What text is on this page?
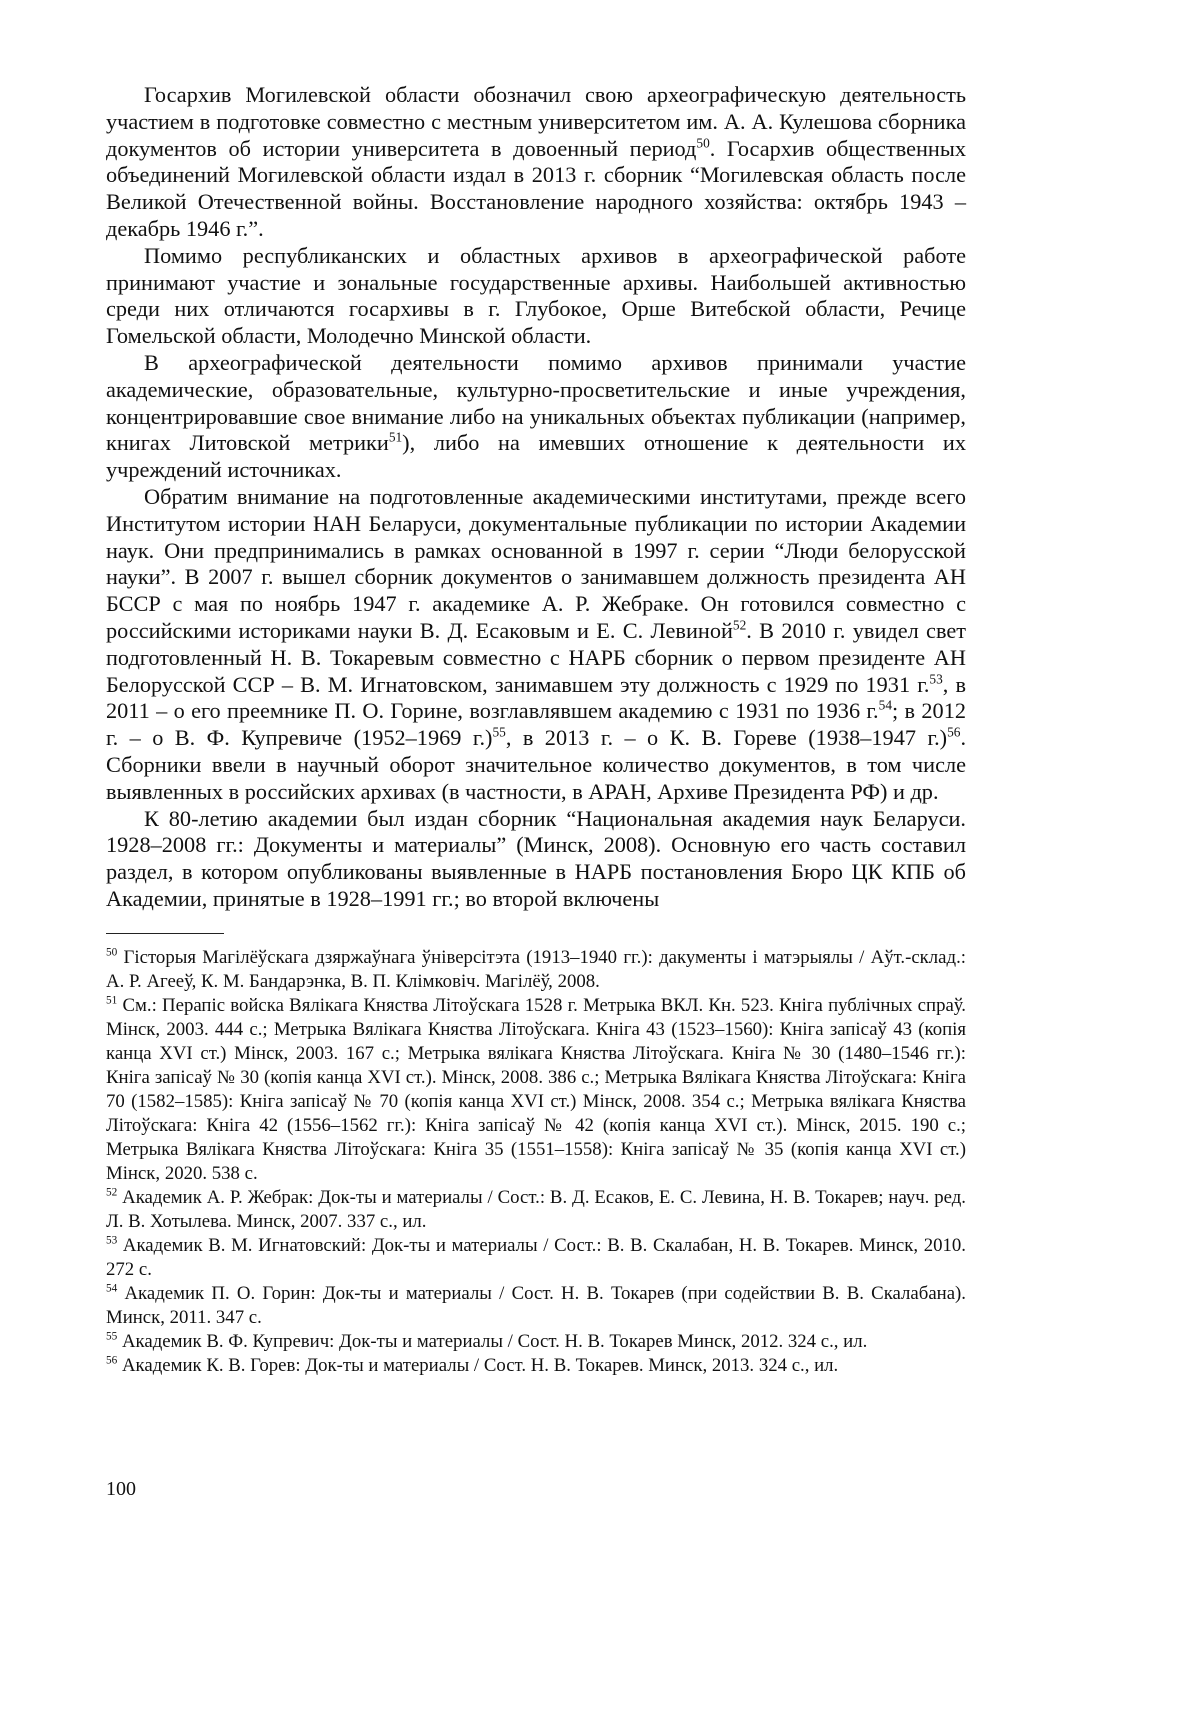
Госархив Могилевской области обозначил свою археографическую деятельность участием в подготовке совместно с местным университетом им. А. А. Кулешова сборника документов об истории университета в довоенный период$^{50}$. Госархив общественных объединений Могилевской области издал в 2013 г. сборник “Могилевская область после Великой Отечественной войны. Восстановление народного хозяйства: октябрь 1943 – декабрь 1946 г.”.

Помимо республиканских и областных архивов в археографической работе принимают участие и зональные государственные архивы. Наибольшей активностью среди них отличаются госархивы в г. Глубокое, Орше Витебской области, Речице Гомельской области, Молодечно Минской области.

В археографической деятельности помимо архивов принимали участие академические, образовательные, культурно-просветительские и иные учреждения, концентрировавшие свое внимание либо на уникальных объектах публикации (например, книгах Литовской метрики$^{51}$), либо на имевших отношение к деятельности их учреждений источниках.

Обратим внимание на подготовленные академическими институтами, прежде всего Институтом истории НАН Беларуси, документальные публикации по истории Академии наук. Они предпринимались в рамках основанной в 1997 г. серии “Люди белорусской науки”. В 2007 г. вышел сборник документов о занимавшем должность президента АН БССР с мая по ноябрь 1947 г. академике А. Р. Жебраке. Он готовился совместно с российскими историками науки В. Д. Есаковым и Е. С. Левиной$^{52}$. В 2010 г. увидел свет подготовленный Н. В. Токаревым совместно с НАРБ сборник о первом президенте АН Белорусской ССР – В. М. Игнатовском, занимавшем эту должность с 1929 по 1931 г.$^{53}$, в 2011 – о его преемнике П. О. Горине, возглавлявшем академию с 1931 по 1936 г.$^{54}$; в 2012 г. – о В. Ф. Купревиче (1952–1969 г.)$^{55}$, в 2013 г. – о К. В. Гореве (1938–1947 г.)$^{56}$. Сборники ввели в научный оборот значительное количество документов, в том числе выявленных в российских архивах (в частности, в АРАН, Архиве Президента РФ) и др.

К 80-летию академии был издан сборник “Национальная академия наук Беларуси. 1928–2008 гг.: Документы и материалы” (Минск, 2008). Основную его часть составил раздел, в котором опубликованы выявленные в НАРБ постановления Бюро ЦК КПБ об Академии, принятые в 1928–1991 гг.; во второй включены

$^{50}$ Гісторыя Магілёўскага дзяржаўнага ўніверсітэта (1913–1940 гг.): дакументы і матэрыялы / Аўт.-склад.: А. Р. Агееў, К. М. Бандарэнка, В. П. Клімковіч. Магілёў, 2008.

$^{51}$ См.: Перапіс войска Вялікага Княства Літоўскага 1528 г. Метрыка ВКЛ. Кн. 523. Кніга публічных спраў. Мінск, 2003. 444 с.; Метрыка Вялікага Княства Літоўскага. Кніга 43 (1523–1560): Кніга запісаў 43 (копія канца XVI ст.) Мінск, 2003. 167 с.; Метрыка вялікага Княства Літоўскага. Кніга № 30 (1480–1546 гг.): Кніга запісаў № 30 (копія канца XVI ст.). Мінск, 2008. 386 с.; Метрыка Вялікага Княства Літоўскага: Кніга 70 (1582–1585): Кніга запісаў № 70 (копія канца XVI ст.) Мінск, 2008. 354 с.; Метрыка вялікага Княства Літоўскага: Кніга 42 (1556–1562 гг.): Кніга запісаў № 42 (копія канца XVI ст.). Мінск, 2015. 190 с.; Метрыка Вялікага Княства Літоўскага: Кніга 35 (1551–1558): Кніга запісаў № 35 (копія канца XVI ст.) Мінск, 2020. 538 с.

$^{52}$ Академик А. Р. Жебрак: Док-ты и материалы / Сост.: В. Д. Есаков, Е. С. Левина, Н. В. Токарев; науч. ред. Л. В. Хотылева. Минск, 2007. 337 с., ил.

$^{53}$ Академик В. М. Игнатовский: Док-ты и материалы / Сост.: В. В. Скалабан, Н. В. Токарев. Минск, 2010. 272 с.

$^{54}$ Академик П. О. Горин: Док-ты и материалы / Сост. Н. В. Токарев (при содействии В. В. Скалабана). Минск, 2011. 347 с.

$^{55}$ Академик В. Ф. Купревич: Док-ты и материалы / Сост. Н. В. Токарев Минск, 2012. 324 с., ил.

$^{56}$ Академик К. В. Горев: Док-ты и материалы / Сост. Н. В. Токарев. Минск, 2013. 324 с., ил.

100
